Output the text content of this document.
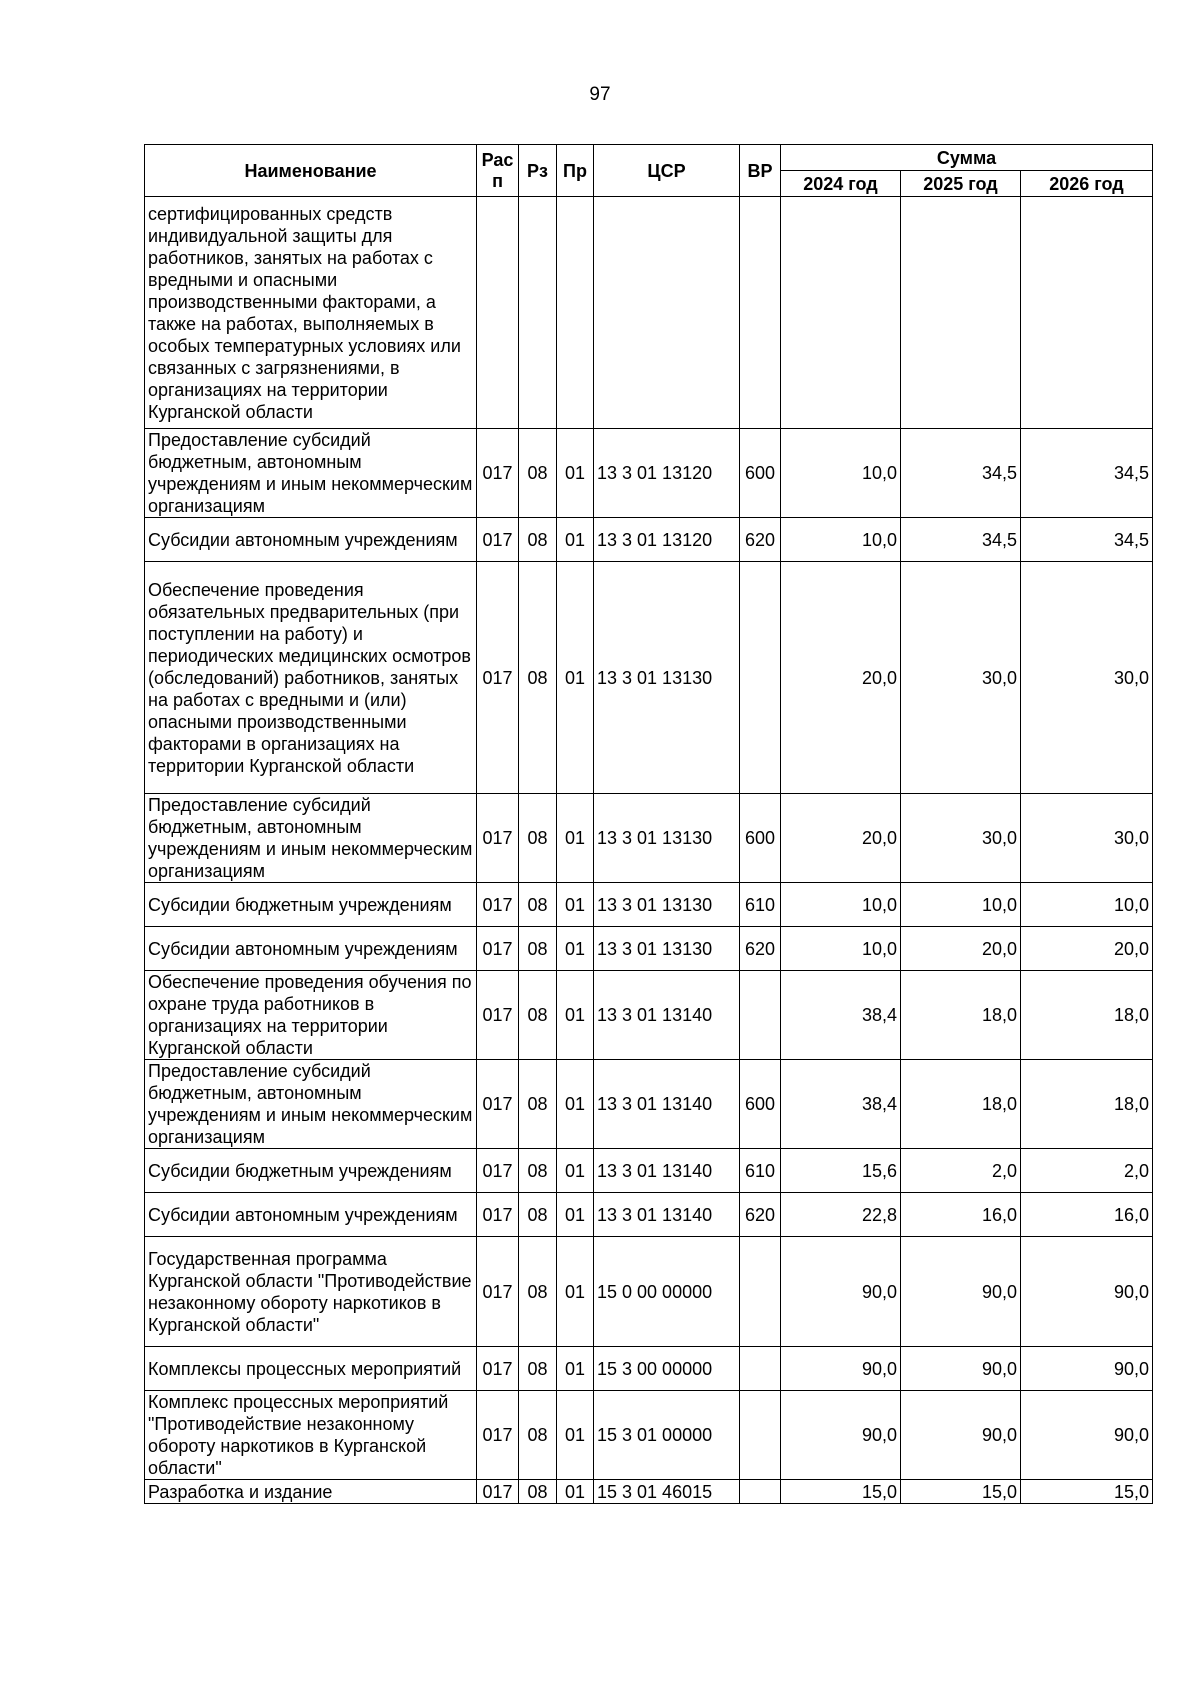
97
Наименование	Рас п	Рз	Пр	ЦСР	ВР	Сумма		
						2024 год	2025 год	2026 год
сертифицированных средств индивидуальной защиты для работников, занятых на работах с вредными и опасными производственными факторами, а также на работах, выполняемых в особых температурных условиях или связанных с загрязнениями, в организациях на территории Курганской области								
Предоставление субсидий бюджетным, автономным учреждениям и иным некоммерческим организациям	017	08	01	13 3 01 13120	600	10,0	34,5	34,5
Субсидии автономным учреждениям	017	08	01	13 3 01 13120	620	10,0	34,5	34,5
Обеспечение проведения обязательных предварительных (при поступлении на работу) и периодических медицинских осмотров (обследований) работников, занятых на работах с вредными и (или) опасными производственными факторами в организациях на территории Курганской области	017	08	01	13 3 01 13130		20,0	30,0	30,0
Предоставление субсидий бюджетным, автономным учреждениям и иным некоммерческим организациям	017	08	01	13 3 01 13130	600	20,0	30,0	30,0
Субсидии бюджетным учреждениям	017	08	01	13 3 01 13130	610	10,0	10,0	10,0
Субсидии автономным учреждениям	017	08	01	13 3 01 13130	620	10,0	20,0	20,0
Обеспечение проведения обучения по охране труда работников в организациях на территории Курганской области	017	08	01	13 3 01 13140		38,4	18,0	18,0
Предоставление субсидий бюджетным, автономным учреждениям и иным некоммерческим организациям	017	08	01	13 3 01 13140	600	38,4	18,0	18,0
Субсидии бюджетным учреждениям	017	08	01	13 3 01 13140	610	15,6	2,0	2,0
Субсидии автономным учреждениям	017	08	01	13 3 01 13140	620	22,8	16,0	16,0
Государственная программа Курганской области "Противодействие незаконному обороту наркотиков в Курганской области"	017	08	01	15 0 00 00000		90,0	90,0	90,0
Комплексы процессных мероприятий	017	08	01	15 3 00 00000		90,0	90,0	90,0
Комплекс процессных мероприятий "Противодействие незаконному обороту наркотиков в Курганской области"	017	08	01	15 3 01 00000		90,0	90,0	90,0
Разработка и издание	017	08	01	15 3 01 46015		15,0	15,0	15,0
